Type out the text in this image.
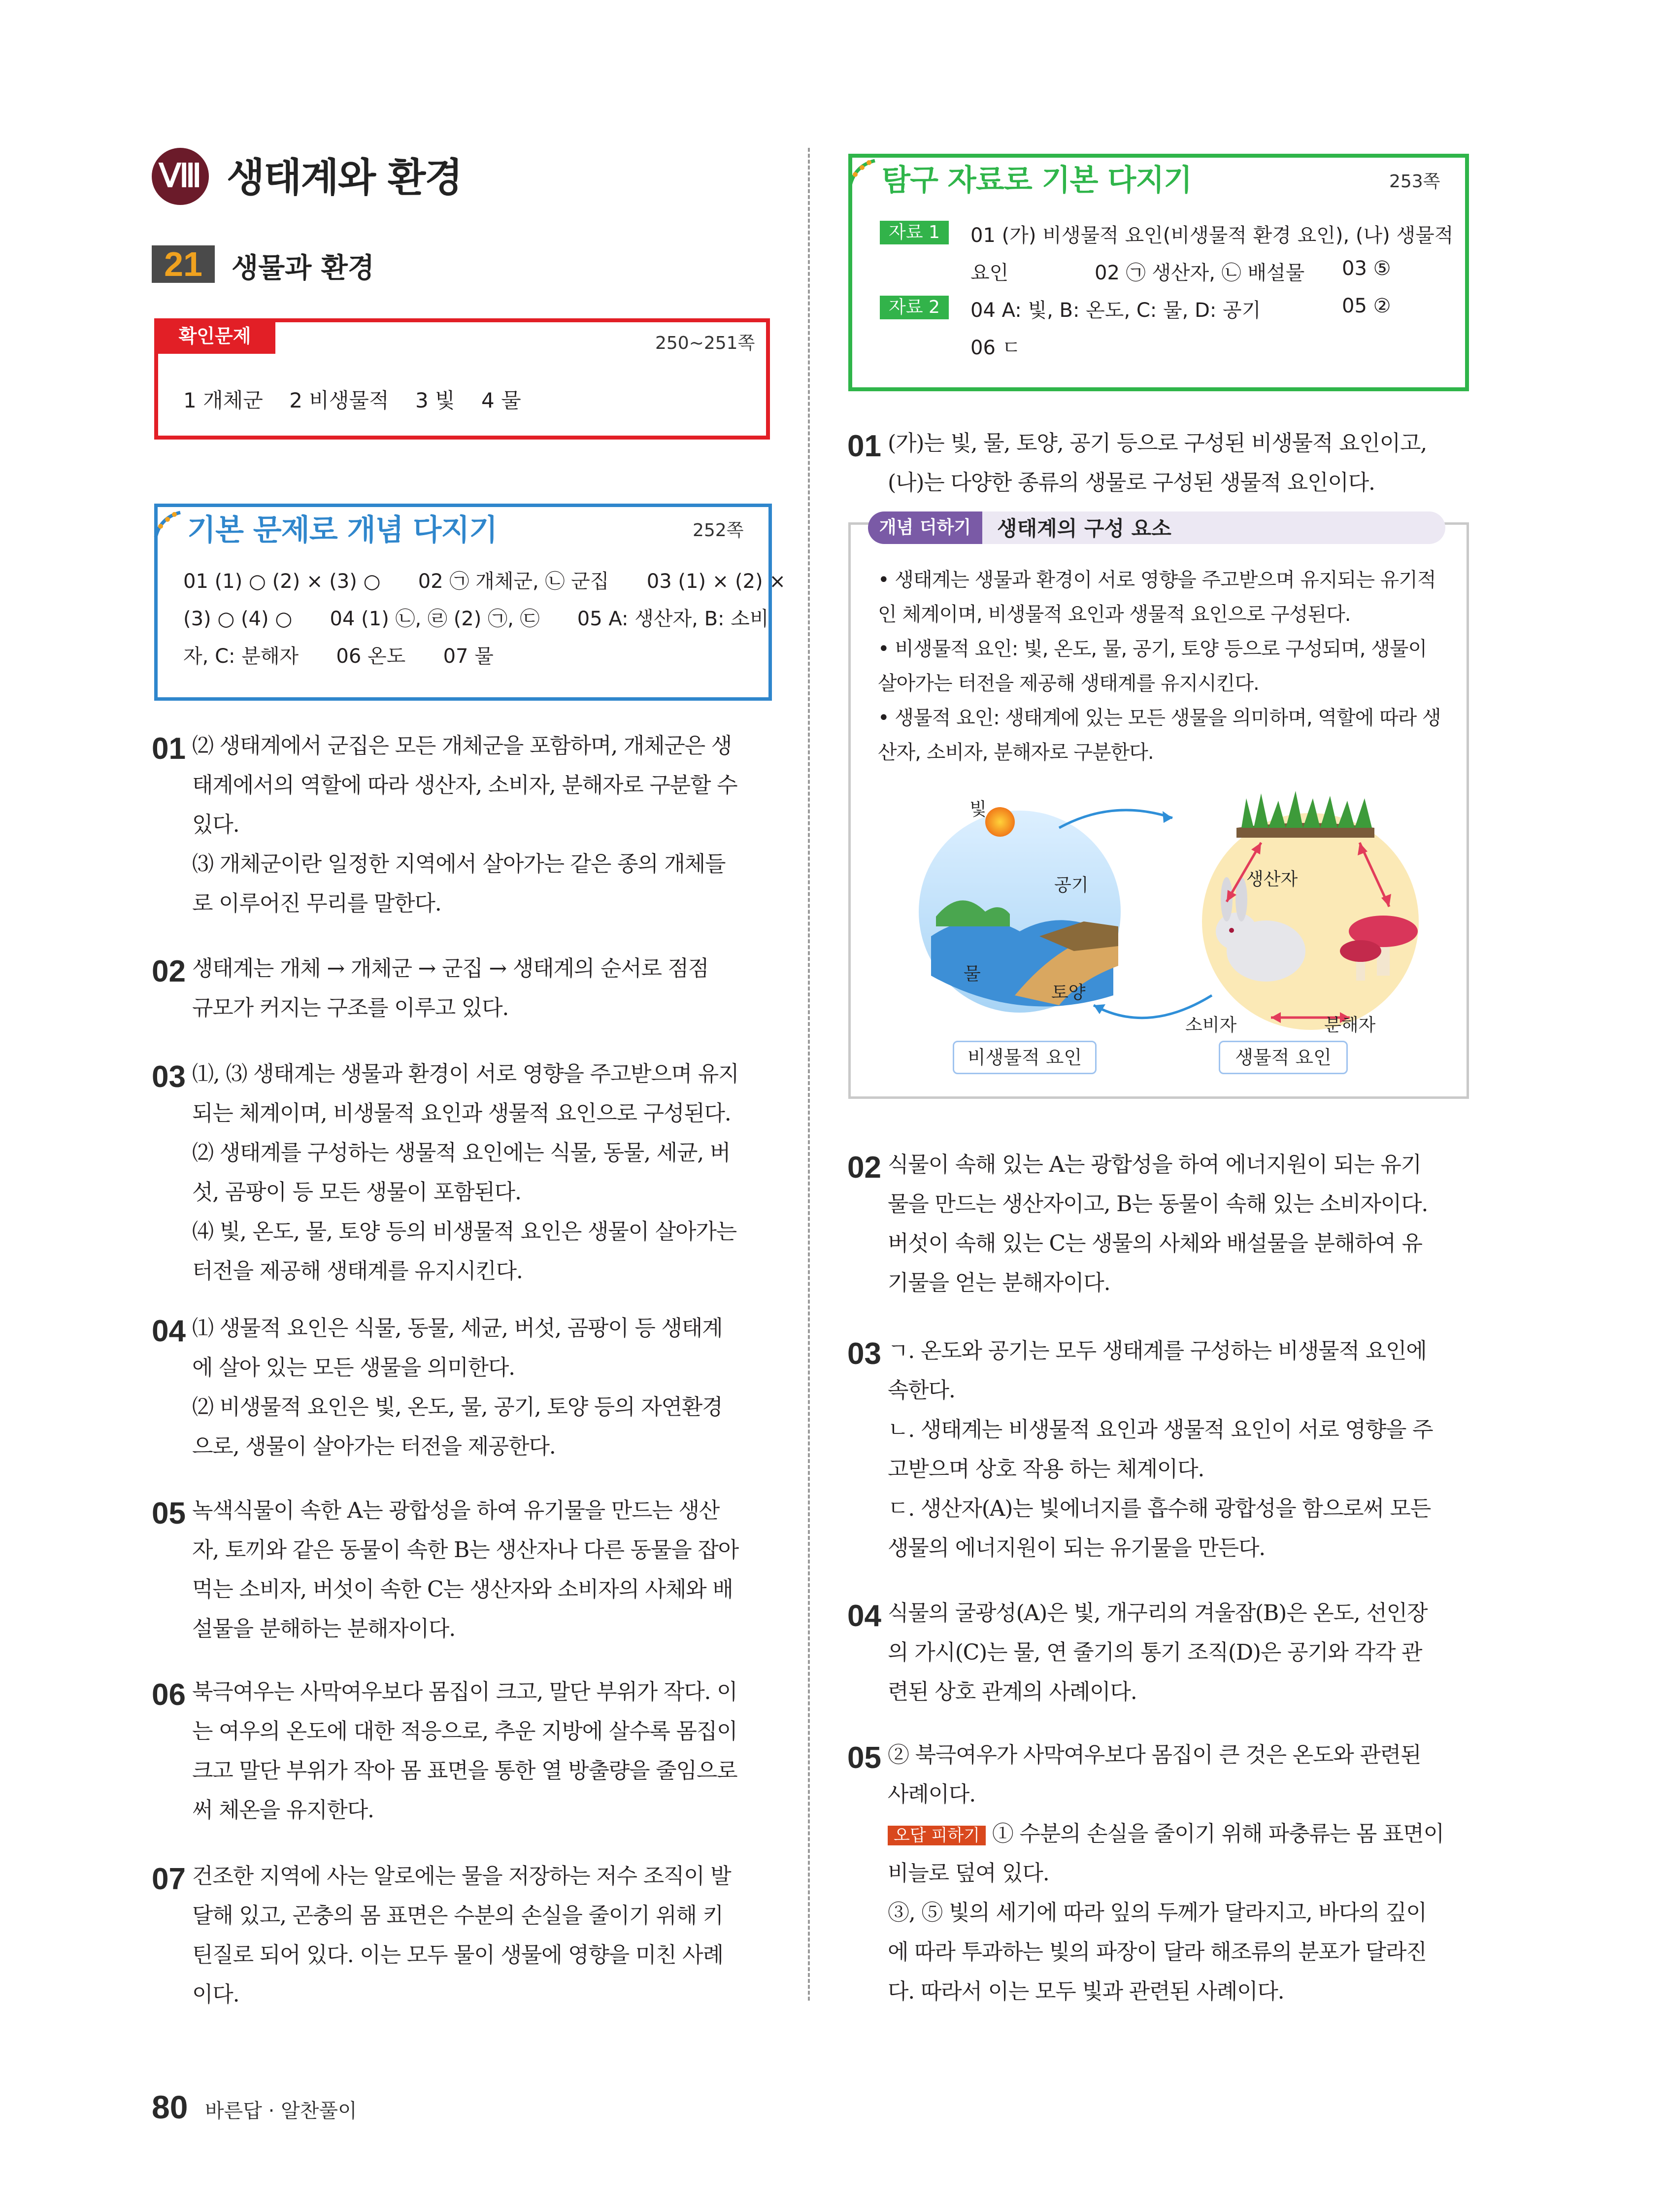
Ⅷ 생태계와 환경
21	생물과 환경
확인문제	250~251쪽
1 개체군    2 비생물적    3 빛    4 물
기본 문제로 개념 다지기	252쪽
01 (1) ○ (2) × (3) ○      02 ㉠ 개체군, ㉡ 군집      03 (1) × (2) ×
(3) ○ (4) ○      04 (1) ㉡, ㉣ (2) ㉠, ㉢      05 A: 생산자, B: 소비
자, C: 분해자      06 온도      07 물
01 ⑵ 생태계에서 군집은 모든 개체군을 포함하며, 개체군은 생
태계에서의 역할에 따라 생산자, 소비자, 분해자로 구분할 수
있다.
⑶ 개체군이란 일정한 지역에서 살아가는 같은 종의 개체들
로 이루어진 무리를 말한다.
02 생태계는 개체 → 개체군 → 군집 → 생태계의 순서로 점점
규모가 커지는 구조를 이루고 있다.
03 ⑴, ⑶ 생태계는 생물과 환경이 서로 영향을 주고받으며 유지
되는 체계이며, 비생물적 요인과 생물적 요인으로 구성된다.
⑵ 생태계를 구성하는 생물적 요인에는 식물, 동물, 세균, 버
섯, 곰팡이 등 모든 생물이 포함된다.
⑷ 빛, 온도, 물, 토양 등의 비생물적 요인은 생물이 살아가는
터전을 제공해 생태계를 유지시킨다.
04 ⑴ 생물적 요인은 식물, 동물, 세균, 버섯, 곰팡이 등 생태계
에 살아 있는 모든 생물을 의미한다.
⑵ 비생물적 요인은 빛, 온도, 물, 공기, 토양 등의 자연환경
으로, 생물이 살아가는 터전을 제공한다.
05 녹색식물이 속한 A는 광합성을 하여 유기물을 만드는 생산
자, 토끼와 같은 동물이 속한 B는 생산자나 다른 동물을 잡아
먹는 소비자, 버섯이 속한 C는 생산자와 소비자의 사체와 배
설물을 분해하는 분해자이다.
06 북극여우는 사막여우보다 몸집이 크고, 말단 부위가 작다. 이
는 여우의 온도에 대한 적응으로, 추운 지방에 살수록 몸집이
크고 말단 부위가 작아 몸 표면을 통한 열 방출량을 줄임으로
써 체온을 유지한다.
07 건조한 지역에 사는 알로에는 물을 저장하는 저수 조직이 발
달해 있고, 곤충의 몸 표면은 수분의 손실을 줄이기 위해 키
틴질로 되어 있다. 이는 모두 물이 생물에 영향을 미친 사례
이다.
탐구 자료로 기본 다지기	253쪽
자료 1	01 (가) 비생물적 요인(비생물적 환경 요인), (나) 생물적
요인	02 ㉠ 생산자, ㉡ 배설물 03 ⑤
자료 2	04 A: 빛, B: 온도, C: 물, D: 공기	05 ②
06 ㄷ
01 (가)는 빛, 물, 토양, 공기 등으로 구성된 비생물적 요인이고,
(나)는 다양한 종류의 생물로 구성된 생물적 요인이다.
개념 더하기	생태계의 구성 요소
• 생태계는 생물과 환경이 서로 영향을 주고받으며 유지되는 유기적
인 체계이며, 비생물적 요인과 생물적 요인으로 구성된다.
• 비생물적 요인: 빛, 온도, 물, 공기, 토양 등으로 구성되며, 생물이
살아가는 터전을 제공해 생태계를 유지시킨다.
• 생물적 요인: 생태계에 있는 모든 생물을 의미하며, 역할에 따라 생
산자, 소비자, 분해자로 구분한다.
빛
공기
물
토양
생산자
소비자	분해자
비생물적 요인	생물적 요인
02 식물이 속해 있는 A는 광합성을 하여 에너지원이 되는 유기
물을 만드는 생산자이고, B는 동물이 속해 있는 소비자이다.
버섯이 속해 있는 C는 생물의 사체와 배설물을 분해하여 유
기물을 얻는 분해자이다.
03 ㄱ. 온도와 공기는 모두 생태계를 구성하는 비생물적 요인에
속한다.
ㄴ. 생태계는 비생물적 요인과 생물적 요인이 서로 영향을 주
고받으며 상호 작용 하는 체계이다.
ㄷ. 생산자(A)는 빛에너지를 흡수해 광합성을 함으로써 모든
생물의 에너지원이 되는 유기물을 만든다.
04 식물의 굴광성(A)은 빛, 개구리의 겨울잠(B)은 온도, 선인장
의 가시(C)는 물, 연 줄기의 통기 조직(D)은 공기와 각각 관
련된 상호 관계의 사례이다.
05 ② 북극여우가 사막여우보다 몸집이 큰 것은 온도와 관련된
사례이다.
오답 피하기 ① 수분의 손실을 줄이기 위해 파충류는 몸 표면이
비늘로 덮여 있다.
③, ⑤ 빛의 세기에 따라 잎의 두께가 달라지고, 바다의 깊이
에 따라 투과하는 빛의 파장이 달라 해조류의 분포가 달라진
다. 따라서 이는 모두 빛과 관련된 사례이다.
80 바른답 · 알찬풀이
